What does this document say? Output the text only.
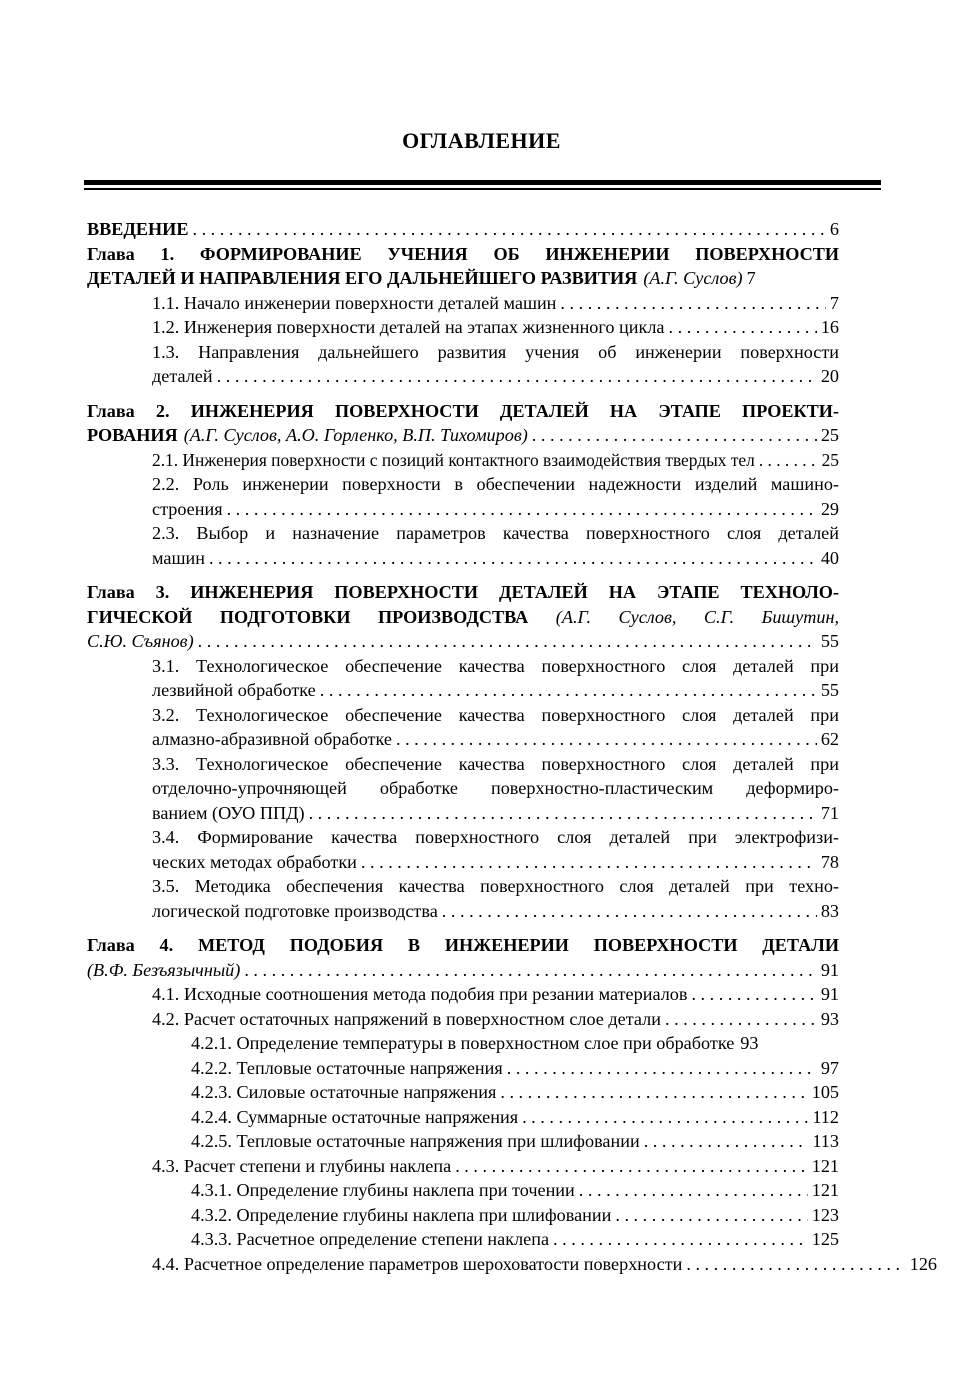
ОГЛАВЛЕНИЕ
ВВЕДЕНИЕ . . .	6
Глава 1. ФОРМИРОВАНИЕ УЧЕНИЯ ОБ ИНЖЕНЕРИИ ПОВЕРХНОСТИ
ДЕТАЛЕЙ И НАПРАВЛЕНИЯ ЕГО ДАЛЬНЕЙШЕГО РАЗВИТИЯ (А.Г. Суслов) 7
1.1. Начало инженерии поверхности деталей машин . . .	7
1.2. Инженерия поверхности деталей на этапах жизненного цикла . . .	16
1.3. Направления дальнейшего развития учения об инженерии поверхности
деталей . . .	20
Глава 2. ИНЖЕНЕРИЯ ПОВЕРХНОСТИ ДЕТАЛЕЙ НА ЭТАПЕ ПРОЕКТИ-
РОВАНИЯ (А.Г. Суслов, А.О. Горленко, В.П. Тихомиров) . . .	25
2.1. Инженерия поверхности с позиций контактного взаимодействия твердых тел . . .	25
2.2. Роль инженерии поверхности в обеспечении надежности изделий машино-
строения . . .	29
2.3. Выбор и назначение параметров качества поверхностного слоя деталей
машин . . .	40
Глава 3. ИНЖЕНЕРИЯ ПОВЕРХНОСТИ ДЕТАЛЕЙ НА ЭТАПЕ ТЕХНОЛО-
ГИЧЕСКОЙ ПОДГОТОВКИ ПРОИЗВОДСТВА (А.Г. Суслов, С.Г. Бишутин,
С.Ю. Съянов) . . .	55
3.1. Технологическое обеспечение качества поверхностного слоя деталей при
лезвийной обработке . . .	55
3.2. Технологическое обеспечение качества поверхностного слоя деталей при
алмазно-абразивной обработке . . .	62
3.3. Технологическое обеспечение качества поверхностного слоя деталей при
отделочно-упрочняющей обработке поверхностно-пластическим деформиро-
ванием (ОУО ППД) . . .	71
3.4. Формирование качества поверхностного слоя деталей при электрофизи-
ческих методах обработки . . .	78
3.5. Методика обеспечения качества поверхностного слоя деталей при техно-
логической подготовке производства . . .	83
Глава 4. МЕТОД ПОДОБИЯ В ИНЖЕНЕРИИ ПОВЕРХНОСТИ ДЕТАЛИ
(В.Ф. Безъязычный) . . .	91
4.1. Исходные соотношения метода подобия при резании материалов . . .	91
4.2. Расчет остаточных напряжений в поверхностном слое детали . . .	93
4.2.1. Определение температуры в поверхностном слое при обработке 93
4.2.2. Тепловые остаточные напряжения . . .	97
4.2.3. Силовые остаточные напряжения . . .	105
4.2.4. Суммарные остаточные напряжения . . .	112
4.2.5. Тепловые остаточные напряжения при шлифовании . . .	113
4.3. Расчет степени и глубины наклепа . . .	121
4.3.1. Определение глубины наклепа при точении . . .	121
4.3.2. Определение глубины наклепа при шлифовании . . .	123
4.3.3. Расчетное определение степени наклепа . . .	125
4.4. Расчетное определение параметров шероховатости поверхности . . .	126
